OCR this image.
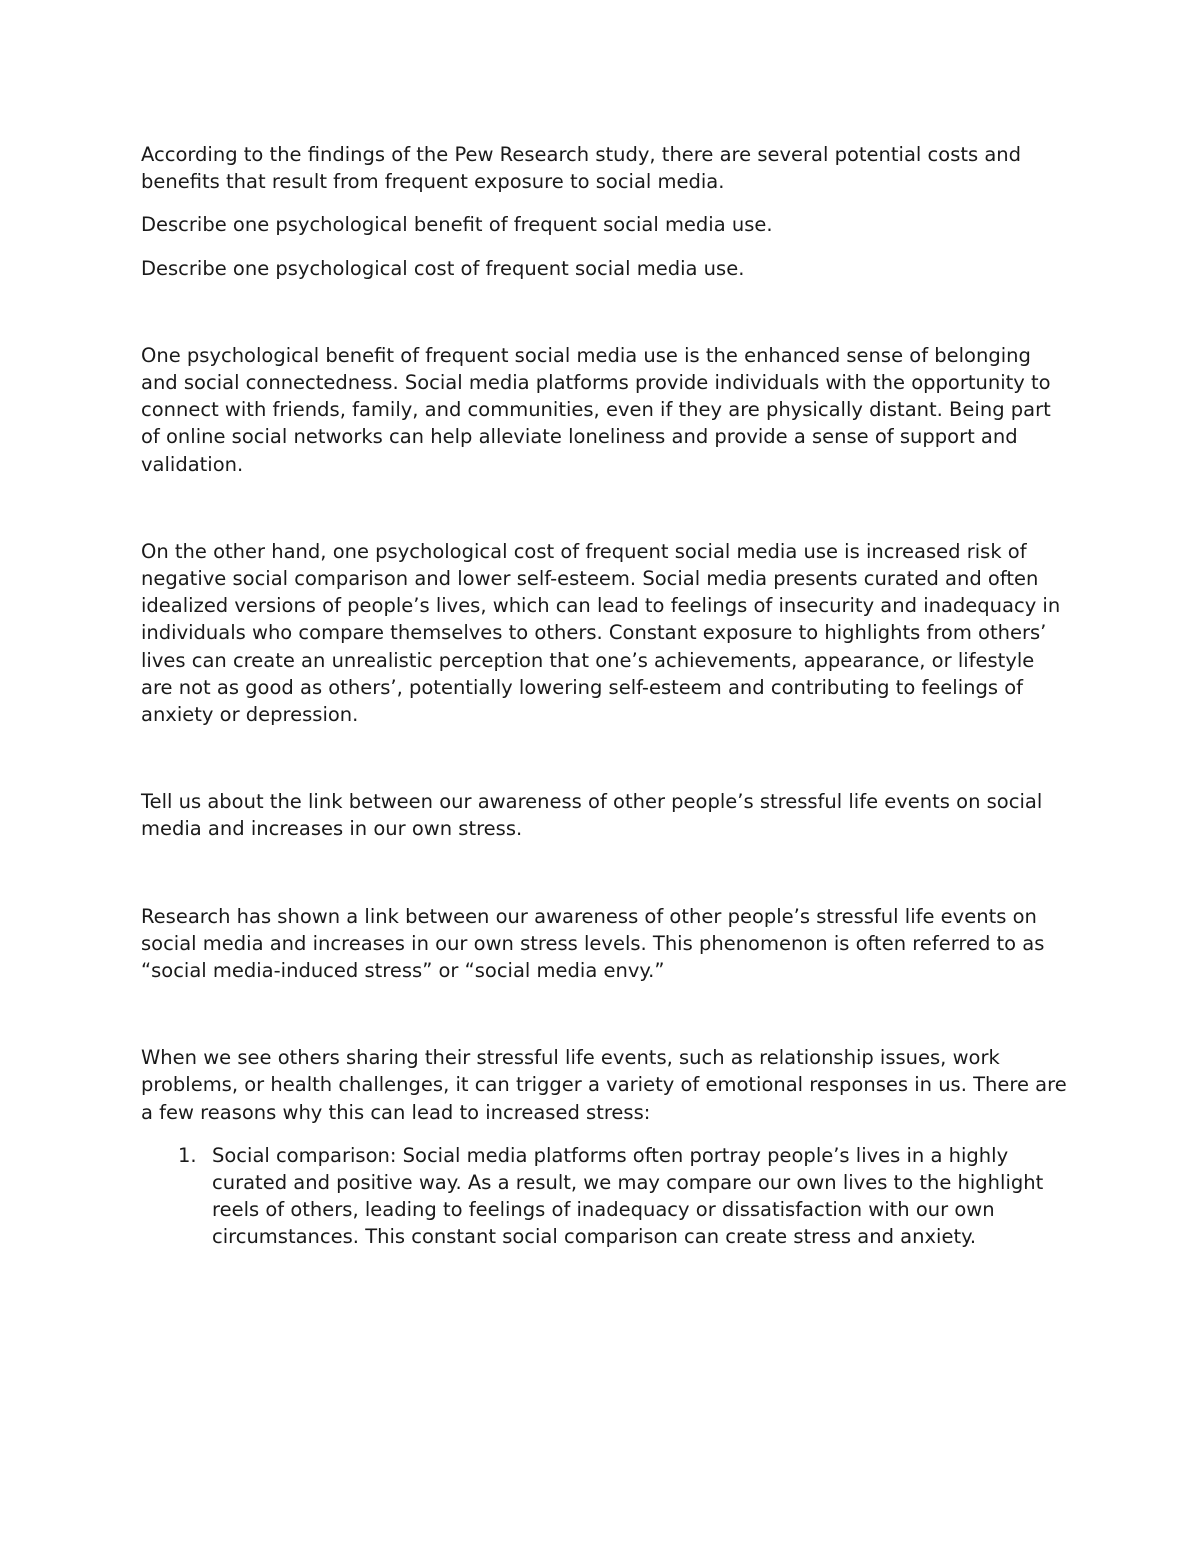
According to the findings of the Pew Research study, there are several potential costs and benefits that result from frequent exposure to social media.

Describe one psychological benefit of frequent social media use.

Describe one psychological cost of frequent social media use.

One psychological benefit of frequent social media use is the enhanced sense of belonging and social connectedness. Social media platforms provide individuals with the opportunity to connect with friends, family, and communities, even if they are physically distant. Being part of online social networks can help alleviate loneliness and provide a sense of support and validation.

On the other hand, one psychological cost of frequent social media use is increased risk of negative social comparison and lower self-esteem. Social media presents curated and often idealized versions of people’s lives, which can lead to feelings of insecurity and inadequacy in individuals who compare themselves to others. Constant exposure to highlights from others’ lives can create an unrealistic perception that one’s achievements, appearance, or lifestyle are not as good as others’, potentially lowering self-esteem and contributing to feelings of anxiety or depression.

Tell us about the link between our awareness of other people’s stressful life events on social media and increases in our own stress.

Research has shown a link between our awareness of other people’s stressful life events on social media and increases in our own stress levels. This phenomenon is often referred to as “social media-induced stress” or “social media envy.”

When we see others sharing their stressful life events, such as relationship issues, work problems, or health challenges, it can trigger a variety of emotional responses in us. There are a few reasons why this can lead to increased stress:

1. Social comparison: Social media platforms often portray people’s lives in a highly curated and positive way. As a result, we may compare our own lives to the highlight reels of others, leading to feelings of inadequacy or dissatisfaction with our own circumstances. This constant social comparison can create stress and anxiety.
